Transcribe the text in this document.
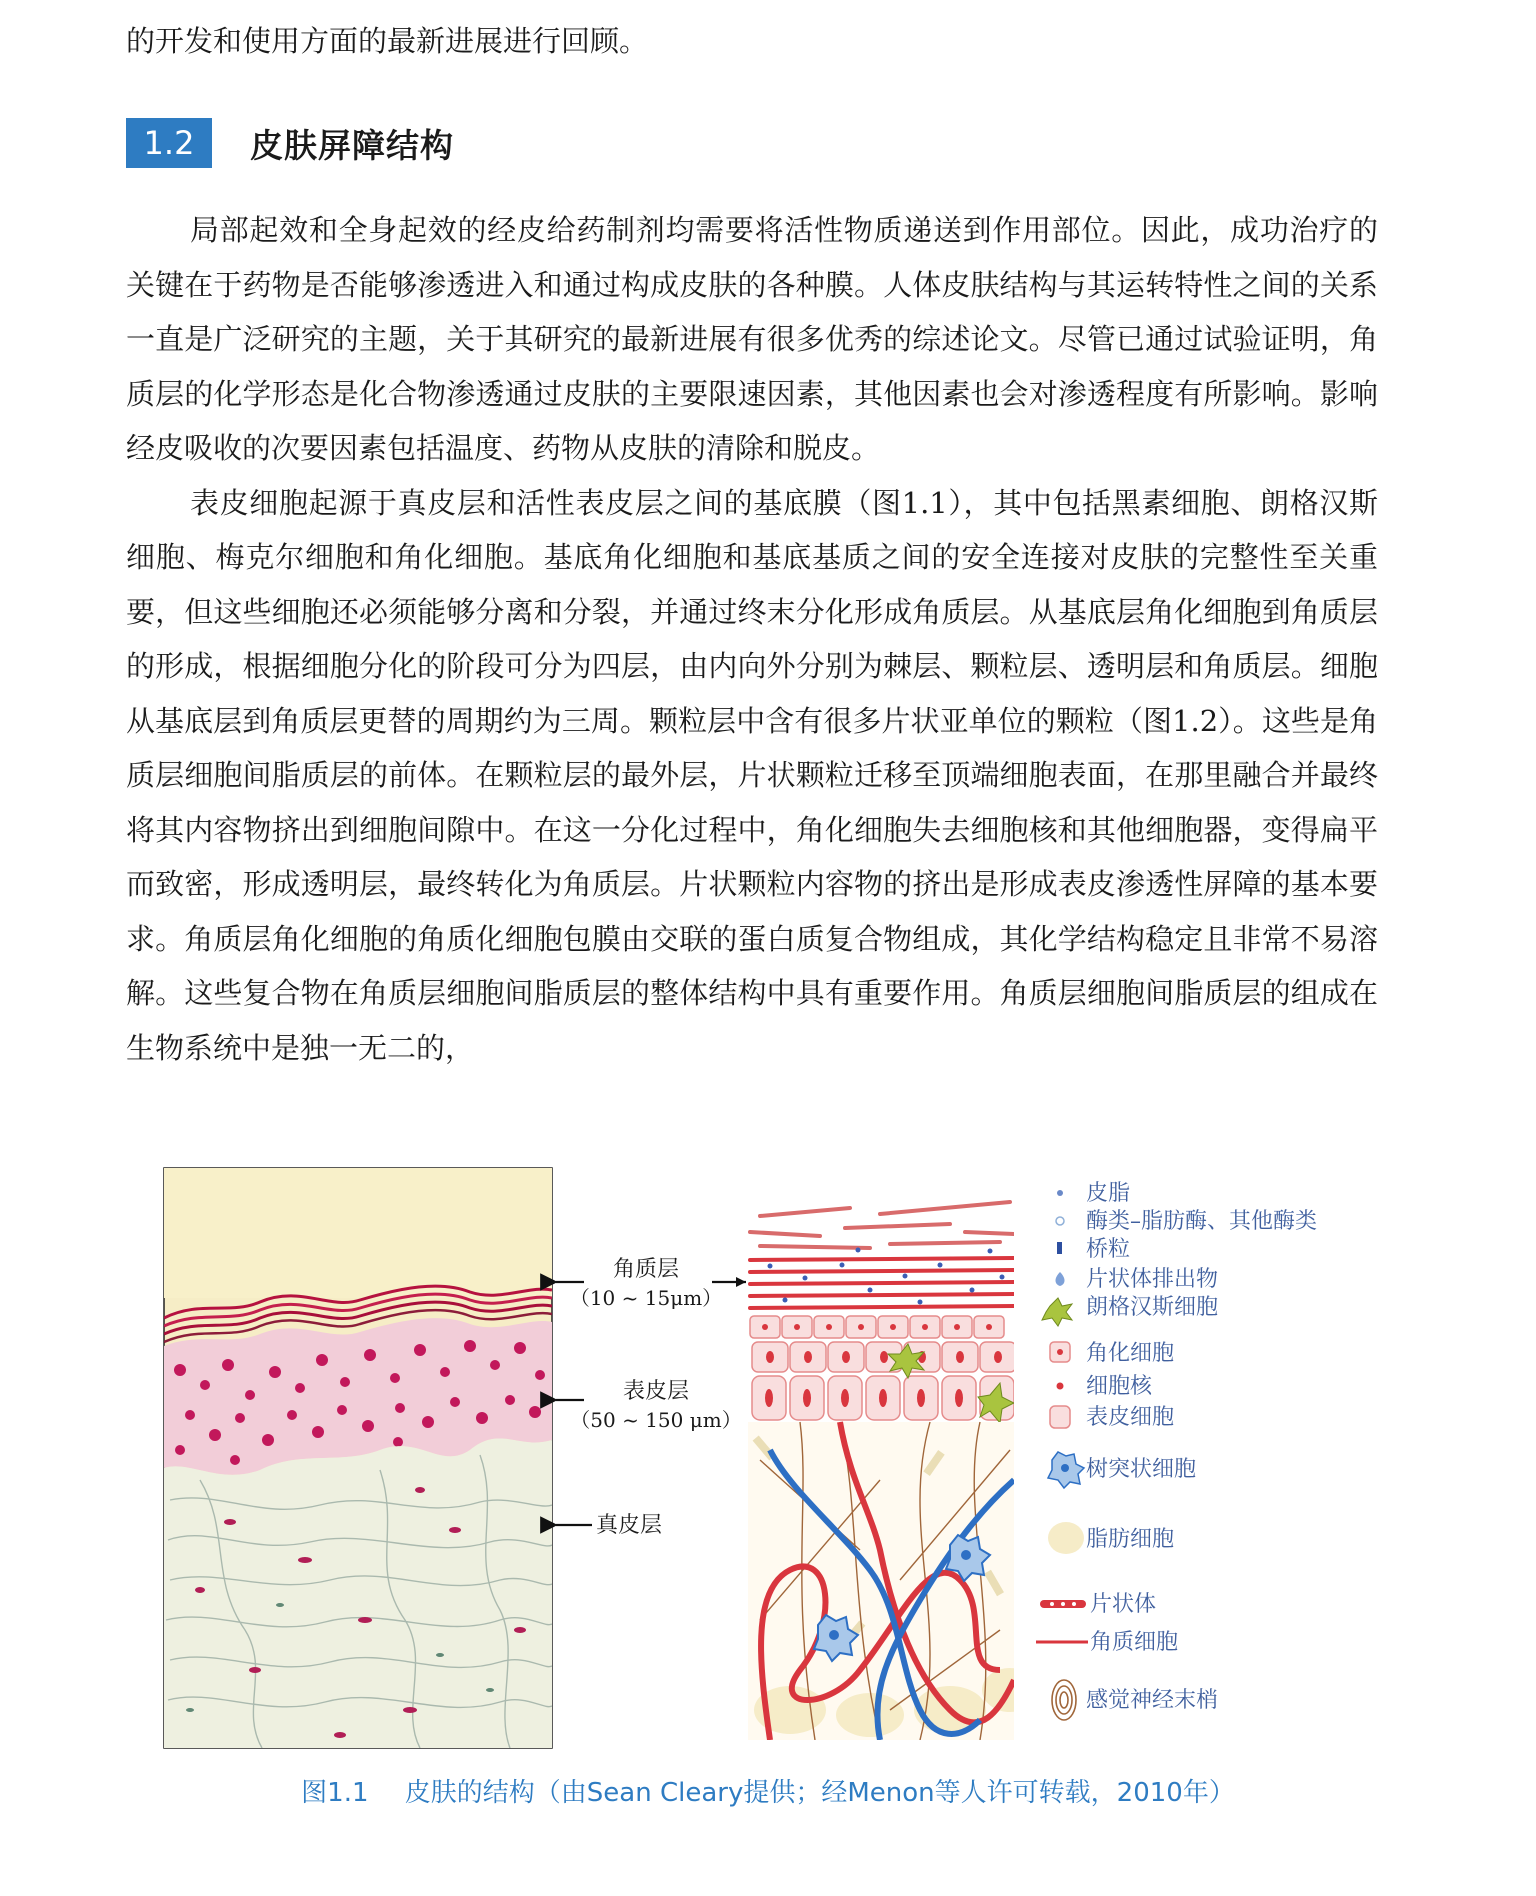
的开发和使用方面的最新进展进行回顾。
1.2	皮肤屏障结构

局部起效和全身起效的经皮给药制剂均需要将活性物质递送到作用部位。因此，成功治疗的关键在于药物是否能够渗透进入和通过构成皮肤的各种膜。人体皮肤结构与其运转特性之间的关系一直是广泛研究的主题，关于其研究的最新进展有很多优秀的综述论文。尽管已通过试验证明，角质层的化学形态是化合物渗透通过皮肤的主要限速因素，其他因素也会对渗透程度有所影响。影响经皮吸收的次要因素包括温度、药物从皮肤的清除和脱皮。

表皮细胞起源于真皮层和活性表皮层之间的基底膜（图1.1），其中包括黑素细胞、朗格汉斯细胞、梅克尔细胞和角化细胞。基底角化细胞和基底基质之间的安全连接对皮肤的完整性至关重要，但这些细胞还必须能够分离和分裂，并通过终末分化形成角质层。从基底层角化细胞到角质层的形成，根据细胞分化的阶段可分为四层，由内向外分别为棘层、颗粒层、透明层和角质层。细胞从基底层到角质层更替的周期约为三周。颗粒层中含有很多片状亚单位的颗粒（图1.2）。这些是角质层细胞间脂质层的前体。在颗粒层的最外层，片状颗粒迁移至顶端细胞表面，在那里融合并最终将其内容物挤出到细胞间隙中。在这一分化过程中，角化细胞失去细胞核和其他细胞器，变得扁平而致密，形成透明层，最终转化为角质层。片状颗粒内容物的挤出是形成表皮渗透性屏障的基本要求。角质层角化细胞的角质化细胞包膜由交联的蛋白质复合物组成，其化学结构稳定且非常不易溶解。这些复合物在角质层细胞间脂质层的整体结构中具有重要作用。角质层细胞间脂质层的组成在生物系统中是独一无二的，

角质层
（10 ~ 15μm）
表皮层
（50 ~ 150 μm）
真皮层
皮脂
酶类–脂肪酶、其他酶类
桥粒
片状体排出物
朗格汉斯细胞
角化细胞
细胞核
表皮细胞
树突状细胞
脂肪细胞
片状体
角质细胞
感觉神经末梢
图1.1 皮肤的结构（由Sean Cleary提供；经Menon等人许可转载，2010年）
